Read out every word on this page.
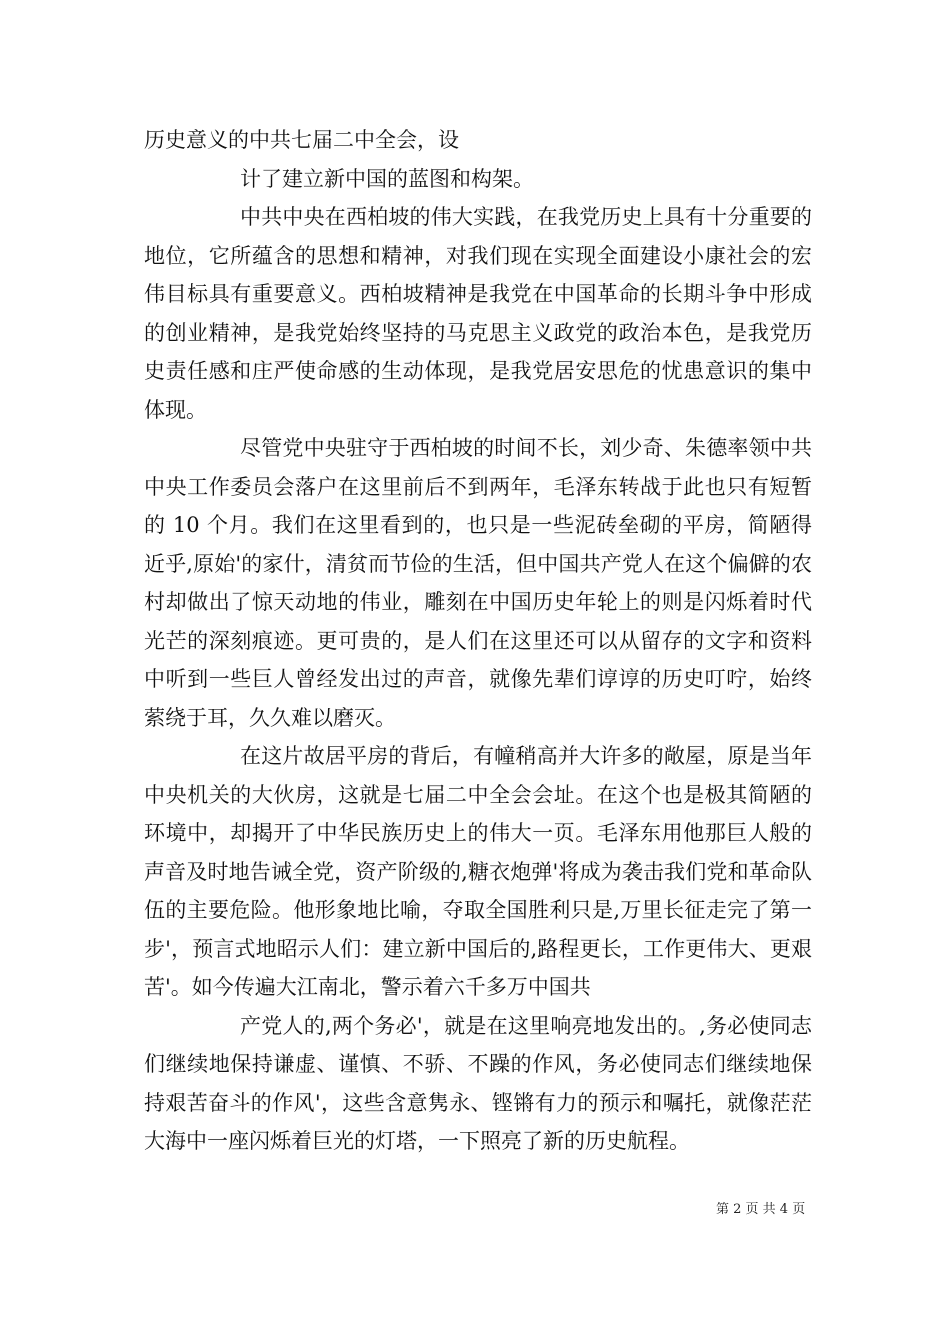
历史意义的中共七届二中全会，设

计了建立新中国的蓝图和构架。

中共中央在西柏坡的伟大实践，在我党历史上具有十分重要的地位，它所蕴含的思想和精神，对我们现在实现全面建设小康社会的宏伟目标具有重要意义。西柏坡精神是我党在中国革命的长期斗争中形成的创业精神，是我党始终坚持的马克思主义政党的政治本色，是我党历史责任感和庄严使命感的生动体现，是我党居安思危的忧患意识的集中体现。

尽管党中央驻守于西柏坡的时间不长，刘少奇、朱德率领中共中央工作委员会落户在这里前后不到两年，毛泽东转战于此也只有短暂的 10 个月。我们在这里看到的，也只是一些泥砖垒砌的平房，简陋得近乎,原始'的家什，清贫而节俭的生活，但中国共产党人在这个偏僻的农村却做出了惊天动地的伟业，雕刻在中国历史年轮上的则是闪烁着时代光芒的深刻痕迹。更可贵的，是人们在这里还可以从留存的文字和资料中听到一些巨人曾经发出过的声音，就像先辈们谆谆的历史叮咛，始终萦绕于耳，久久难以磨灭。

在这片故居平房的背后，有幢稍高并大许多的敞屋，原是当年中央机关的大伙房，这就是七届二中全会会址。在这个也是极其简陋的环境中，却揭开了中华民族历史上的伟大一页。毛泽东用他那巨人般的声音及时地告诫全党，资产阶级的,糖衣炮弹'将成为袭击我们党和革命队伍的主要危险。他形象地比喻，夺取全国胜利只是,万里长征走完了第一步'，预言式地昭示人们：建立新中国后的,路程更长，工作更伟大、更艰苦'。如今传遍大江南北，警示着六千多万中国共

产党人的,两个务必'，就是在这里响亮地发出的。,务必使同志们继续地保持谦虚、谨慎、不骄、不躁的作风，务必使同志们继续地保持艰苦奋斗的作风'，这些含意隽永、铿锵有力的预示和嘱托，就像茫茫大海中一座闪烁着巨光的灯塔，一下照亮了新的历史航程。

第 2 页 共 4 页
